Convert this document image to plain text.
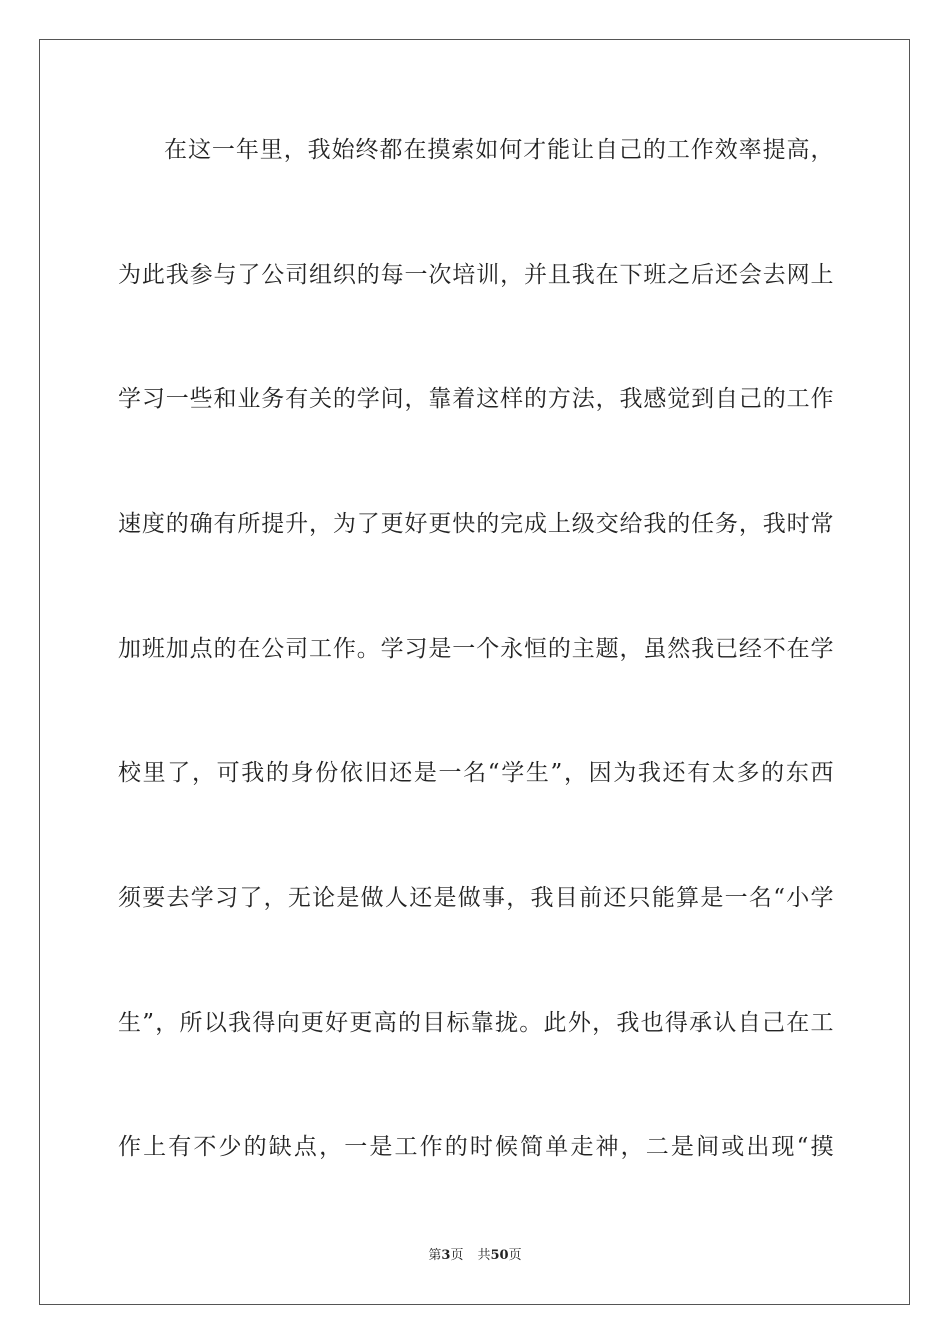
在这一年里，我始终都在摸索如何才能让自己的工作效率提高，
为此我参与了公司组织的每一次培训，并且我在下班之后还会去网上
学习一些和业务有关的学问，靠着这样的方法，我感觉到自己的工作
速度的确有所提升，为了更好更快的完成上级交给我的任务，我时常
加班加点的在公司工作。学习是一个永恒的主题，虽然我已经不在学
校里了，可我的身份依旧还是一名“学生”，因为我还有太多的东西
须要去学习了，无论是做人还是做事，我目前还只能算是一名“小学
生”，所以我得向更好更高的目标靠拢。此外，我也得承认自己在工
作上有不少的缺点，一是工作的时候简单走神，二是间或出现“摸
第3页 共50页
